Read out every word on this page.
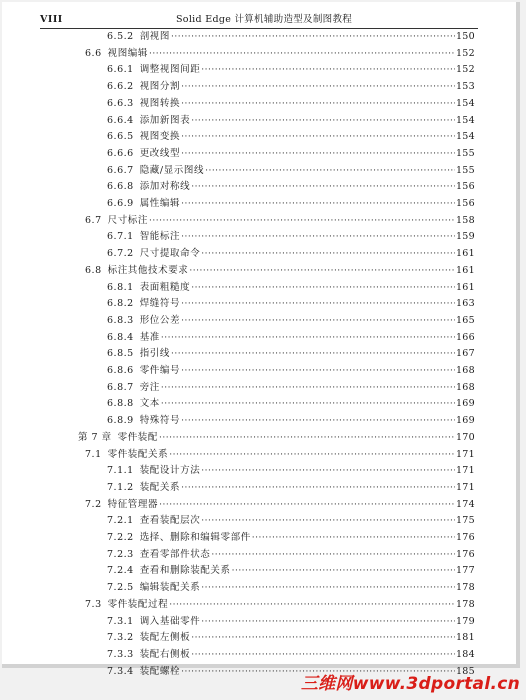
VIII	Solid Edge 计算机辅助造型及制图教程
6.5.2 剖视图 ·····	150
6.6 视图编辑 ·····	152
6.6.1 调整视图间距 ·····	152
6.6.2 视图分割 ·····	153
6.6.3 视图转换 ·····	154
6.6.4 添加新图表 ·····	154
6.6.5 视图变换 ·····	154
6.6.6 更改线型 ·····	155
6.6.7 隐藏/显示图线 ·····	155
6.6.8 添加对称线 ·····	156
6.6.9 属性编辑 ·····	156
6.7 尺寸标注 ·····	158
6.7.1 智能标注 ·····	159
6.7.2 尺寸提取命令 ·····	161
6.8 标注其他技术要求 ·····	161
6.8.1 表面粗糙度 ·····	161
6.8.2 焊缝符号 ·····	163
6.8.3 形位公差 ·····	165
6.8.4 基准 ·····	166
6.8.5 指引线 ·····	167
6.8.6 零件编号 ·····	168
6.8.7 旁注 ·····	168
6.8.8 文本 ·····	169
6.8.9 特殊符号 ·····	169
第 7 章 零件装配 ·····	170
7.1 零件装配关系 ·····	171
7.1.1 装配设计方法 ·····	171
7.1.2 装配关系 ·····	171
7.2 特征管理器 ·····	174
7.2.1 查看装配层次 ·····	175
7.2.2 选择、删除和编辑零部件 ·····	176
7.2.3 查看零部件状态 ·····	176
7.2.4 查看和删除装配关系 ·····	177
7.2.5 编辑装配关系 ·····	178
7.3 零件装配过程 ·····	178
7.3.1 调入基础零件 ·····	179
7.3.2 装配左侧板 ·····	181
7.3.3 装配右侧板 ·····	184
7.3.4 装配螺栓 ·····	185
三维网www.3dportal.cn
